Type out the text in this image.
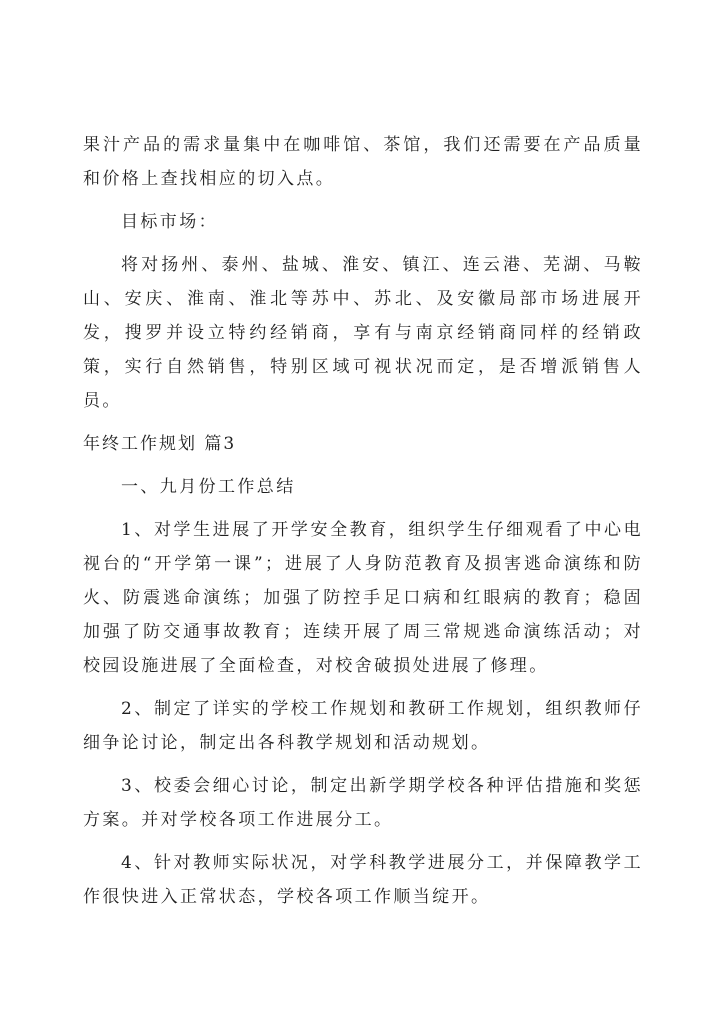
果汁产品的需求量集中在咖啡馆、茶馆，我们还需要在产品质量和价格上查找相应的切入点。

目标市场：

将对扬州、泰州、盐城、淮安、镇江、连云港、芜湖、马鞍山、安庆、淮南、淮北等苏中、苏北、及安徽局部市场进展开发，搜罗并设立特约经销商，享有与南京经销商同样的经销政策，实行自然销售，特别区域可视状况而定，是否增派销售人员。

年终工作规划 篇3

一、九月份工作总结

1、对学生进展了开学安全教育，组织学生仔细观看了中心电视台的“开学第一课”；进展了人身防范教育及损害逃命演练和防火、防震逃命演练；加强了防控手足口病和红眼病的教育；稳固加强了防交通事故教育；连续开展了周三常规逃命演练活动；对校园设施进展了全面检查，对校舍破损处进展了修理。

2、制定了详实的学校工作规划和教研工作规划，组织教师仔细争论讨论，制定出各科教学规划和活动规划。

3、校委会细心讨论，制定出新学期学校各种评估措施和奖惩方案。并对学校各项工作进展分工。

4、针对教师实际状况，对学科教学进展分工，并保障教学工作很快进入正常状态，学校各项工作顺当绽开。
